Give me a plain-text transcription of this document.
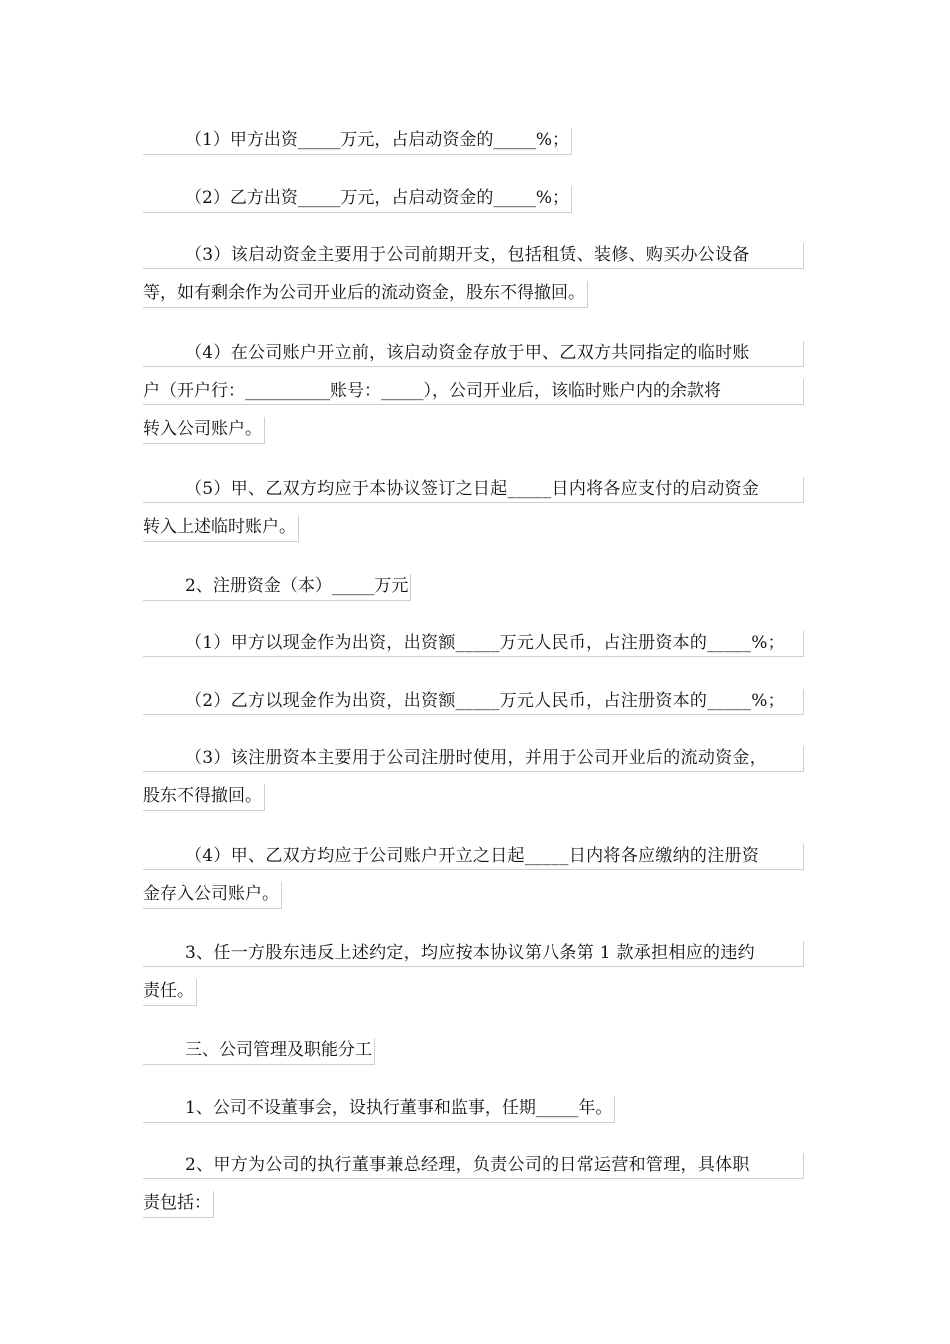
（1）甲方出资_____万元，占启动资金的_____%；
（2）乙方出资_____万元，占启动资金的_____%；
（3）该启动资金主要用于公司前期开支，包括租赁、装修、购买办公设备
等，如有剩余作为公司开业后的流动资金，股东不得撤回。
（4）在公司账户开立前，该启动资金存放于甲、乙双方共同指定的临时账
户（开户行：__________账号：_____），公司开业后，该临时账户内的余款将
转入公司账户。
（5）甲、乙双方均应于本协议签订之日起_____日内将各应支付的启动资金
转入上述临时账户。
2、注册资金（本）_____万元
（1）甲方以现金作为出资，出资额_____万元人民币，占注册资本的_____%；
（2）乙方以现金作为出资，出资额_____万元人民币，占注册资本的_____%；
（3）该注册资本主要用于公司注册时使用，并用于公司开业后的流动资金，
股东不得撤回。
（4）甲、乙双方均应于公司账户开立之日起_____日内将各应缴纳的注册资
金存入公司账户。
3、任一方股东违反上述约定，均应按本协议第八条第 1 款承担相应的违约
责任。
三、公司管理及职能分工
1、公司不设董事会，设执行董事和监事，任期_____年。
2、甲方为公司的执行董事兼总经理，负责公司的日常运营和管理，具体职
责包括：
